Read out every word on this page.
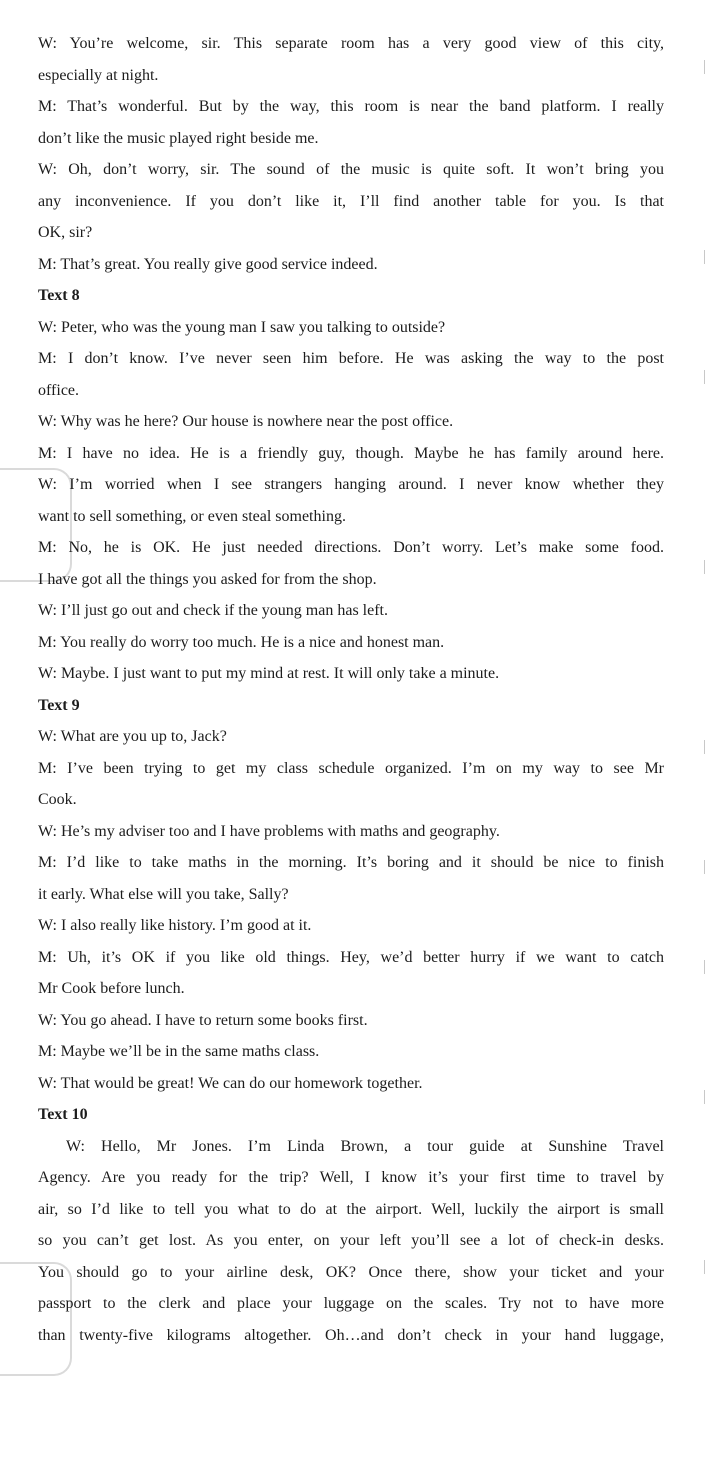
W: You’re welcome, sir. This separate room has a very good view of this city,
especially at night.
M: That’s wonderful. But by the way, this room is near the band platform. I really
don’t like the music played right beside me.
W: Oh, don’t worry, sir. The sound of the music is quite soft. It won’t bring you
any inconvenience. If you don’t like it, I’ll find another table for you. Is that
OK, sir?
M: That’s great. You really give good service indeed.
Text 8
W: Peter, who was the young man I saw you talking to outside?
M: I don’t know. I’ve never seen him before. He was asking the way to the post
office.
W: Why was he here? Our house is nowhere near the post office.
M: I have no idea. He is a friendly guy, though. Maybe he has family around here.
W: I’m worried when I see strangers hanging around. I never know whether they
want to sell something, or even steal something.
M: No, he is OK. He just needed directions. Don’t worry. Let’s make some food.
I have got all the things you asked for from the shop.
W: I’ll just go out and check if the young man has left.
M: You really do worry too much. He is a nice and honest man.
W: Maybe. I just want to put my mind at rest. It will only take a minute.
Text 9
W: What are you up to, Jack?
M: I’ve been trying to get my class schedule organized. I’m on my way to see Mr
Cook.
W: He’s my adviser too and I have problems with maths and geography.
M: I’d like to take maths in the morning. It’s boring and it should be nice to finish
it early. What else will you take, Sally?
W: I also really like history. I’m good at it.
M: Uh, it’s OK if you like old things. Hey, we’d better hurry if we want to catch
Mr Cook before lunch.
W: You go ahead. I have to return some books first.
M: Maybe we’ll be in the same maths class.
W: That would be great! We can do our homework together.
Text 10
W: Hello, Mr Jones. I’m Linda Brown, a tour guide at Sunshine Travel
Agency. Are you ready for the trip? Well, I know it’s your first time to travel by
air, so I’d like to tell you what to do at the airport. Well, luckily the airport is small
so you can’t get lost. As you enter, on your left you’ll see a lot of check-in desks.
You should go to your airline desk, OK? Once there, show your ticket and your
passport to the clerk and place your luggage on the scales. Try not to have more
than twenty-five kilograms altogether. Oh…and don’t check in your hand luggage,
